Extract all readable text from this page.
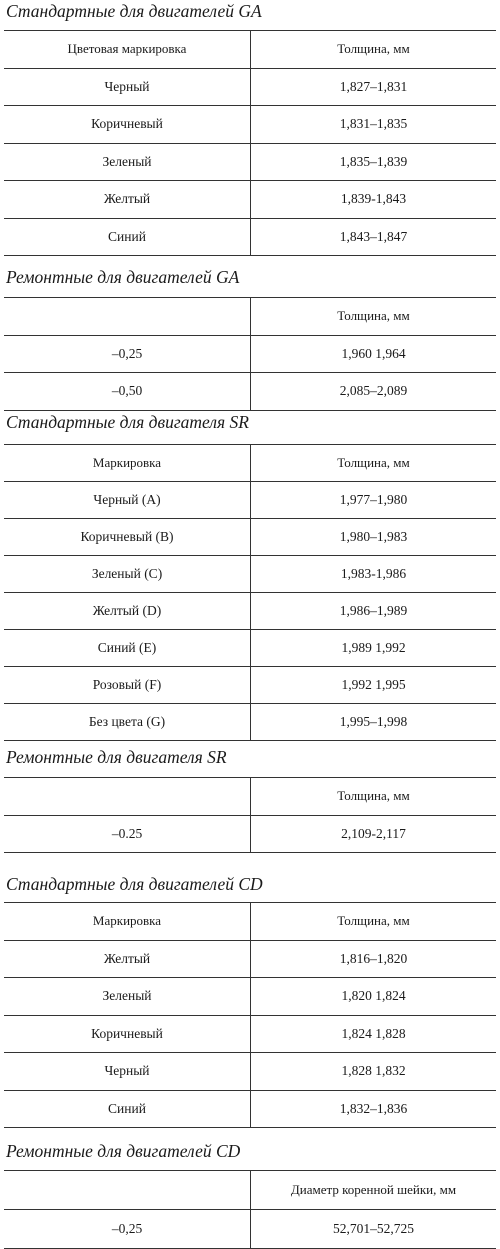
Стандартные для двигателей GA
Цветовая маркировка	Толщина, мм
Черный	1,827–1,831
Коричневый	1,831–1,835
Зеленый	1,835–1,839
Желтый	1,839-1,843
Синий	1,843–1,847
Ремонтные для двигателей GA
	Толщина, мм
–0,25	1,960 1,964
–0,50	2,085–2,089
Стандартные для двигателя SR
Маркировка	Толщина, мм
Черный (A)	1,977–1,980
Коричневый (B)	1,980–1,983
Зеленый (C)	1,983-1,986
Желтый (D)	1,986–1,989
Синий (E)	1,989 1,992
Розовый (F)	1,992 1,995
Без цвета (G)	1,995–1,998
Ремонтные для двигателя SR
	Толщина, мм
–0.25	2,109-2,117
Стандартные для двигателей CD
Маркировка	Толщина, мм
Желтый	1,816–1,820
Зеленый	1,820 1,824
Коричневый	1,824 1,828
Черный	1,828 1,832
Синий	1,832–1,836
Ремонтные для двигателей CD
	Диаметр коренной шейки, мм
–0,25	52,701–52,725
